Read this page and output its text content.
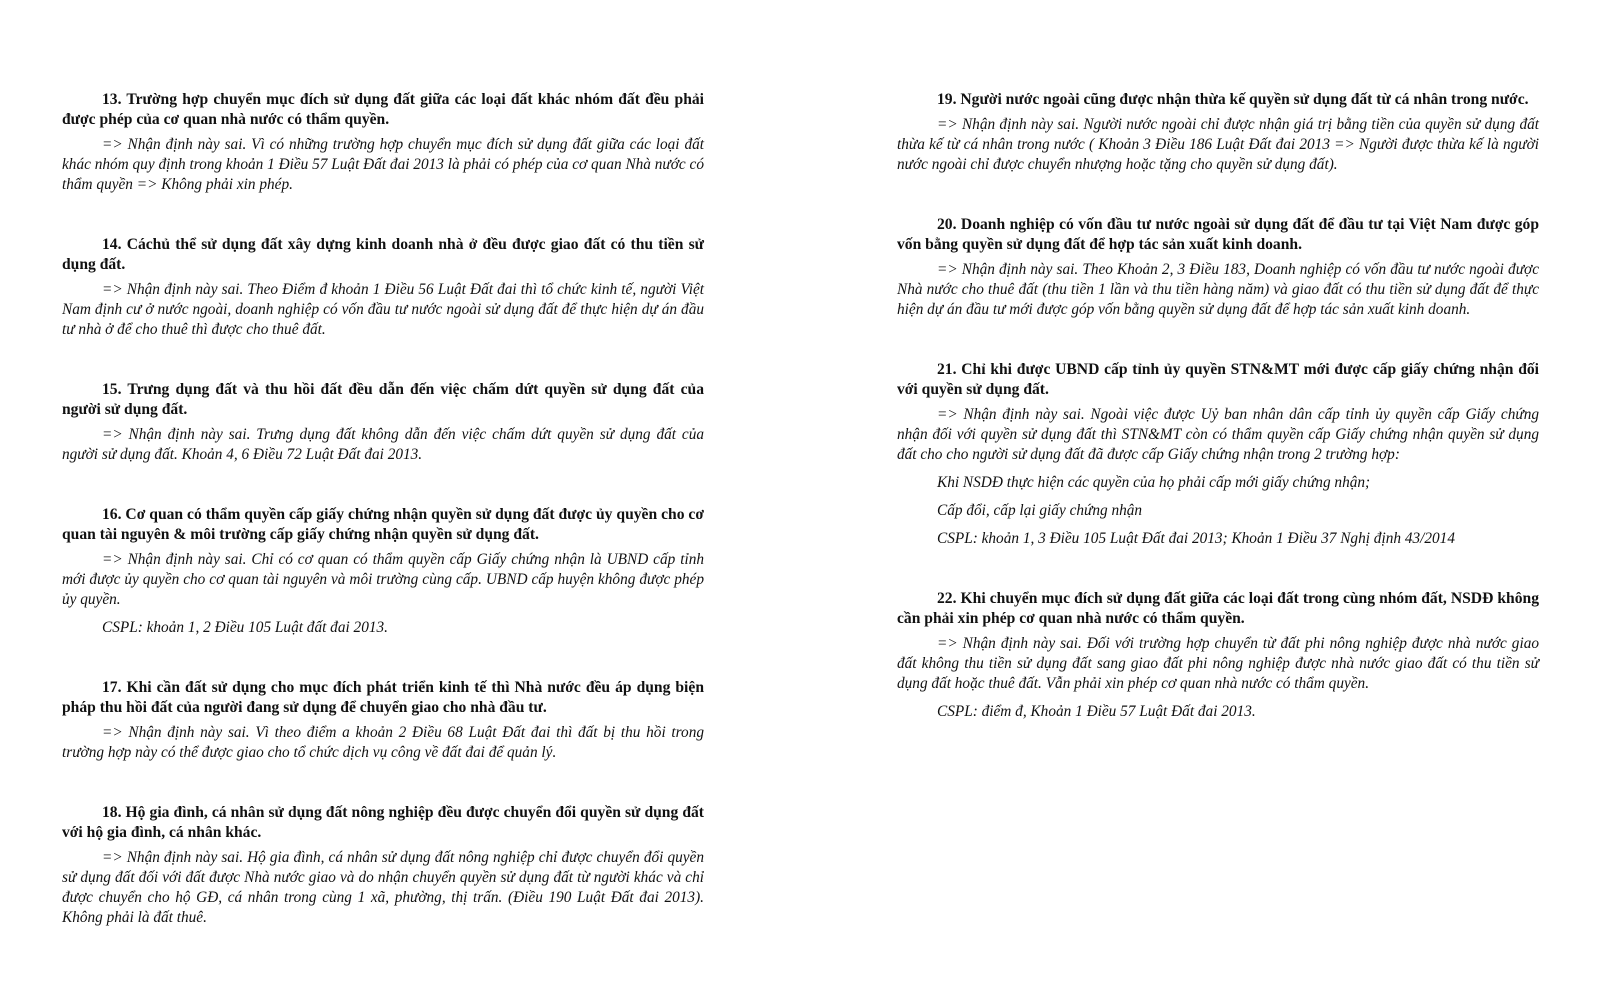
13. Trường hợp chuyển mục đích sử dụng đất giữa các loại đất khác nhóm đất đều phải được phép của cơ quan nhà nước có thẩm quyền.

=> Nhận định này sai. Vì có những trường hợp chuyển mục đích sử dụng đất giữa các loại đất khác nhóm quy định trong khoản 1 Điều 57 Luật Đất đai 2013 là phải có phép của cơ quan Nhà nước có thẩm quyền => Không phải xin phép.

14. Cáchủ thể sử dụng đất xây dựng kinh doanh nhà ở đều được giao đất có thu tiền sử dụng đất.

=> Nhận định này sai. Theo Điểm đ khoản 1 Điều 56 Luật Đất đai thì tổ chức kinh tế, người Việt Nam định cư ở nước ngoài, doanh nghiệp có vốn đầu tư nước ngoài sử dụng đất để thực hiện dự án đầu tư nhà ở để cho thuê thì được cho thuê đất.

15. Trưng dụng đất và thu hồi đất đều dẫn đến việc chấm dứt quyền sử dụng đất của người sử dụng đất.

=> Nhận định này sai. Trưng dụng đất không dẫn đến việc chấm dứt quyền sử dụng đất của người sử dụng đất. Khoản 4, 6 Điều 72 Luật Đất đai 2013.

16. Cơ quan có thẩm quyền cấp giấy chứng nhận quyền sử dụng đất được ủy quyền cho cơ quan tài nguyên & môi trường cấp giấy chứng nhận quyền sử dụng đất.

=> Nhận định này sai. Chỉ có cơ quan có thẩm quyền cấp Giấy chứng nhận là UBND cấp tỉnh mới được ủy quyền cho cơ quan tài nguyên và môi trường cùng cấp. UBND cấp huyện không được phép ủy quyền.

CSPL: khoản 1, 2 Điều 105 Luật đất đai 2013.

17. Khi cần đất sử dụng cho mục đích phát triển kinh tế thì Nhà nước đều áp dụng biện pháp thu hồi đất của người đang sử dụng để chuyển giao cho nhà đầu tư.

=> Nhận định này sai. Vì theo điểm a khoản 2 Điều 68 Luật Đất đai thì đất bị thu hồi trong trường hợp này có thể được giao cho tổ chức dịch vụ công về đất đai để quản lý.

18. Hộ gia đình, cá nhân sử dụng đất nông nghiệp đều được chuyển đổi quyền sử dụng đất với hộ gia đình, cá nhân khác.

=> Nhận định này sai. Hộ gia đình, cá nhân sử dụng đất nông nghiệp chỉ được chuyển đổi quyền sử dụng đất đối với đất được Nhà nước giao và do nhận chuyển quyền sử dụng đất từ người khác và chỉ được chuyển cho hộ GĐ, cá nhân trong cùng 1 xã, phường, thị trấn. (Điều 190 Luật Đất đai 2013). Không phải là đất thuê.

19. Người nước ngoài cũng được nhận thừa kế quyền sử dụng đất từ cá nhân trong nước.

=> Nhận định này sai. Người nước ngoài chỉ được nhận giá trị bằng tiền của quyền sử dụng đất thừa kế từ cá nhân trong nước ( Khoản 3 Điều 186 Luật Đất đai 2013 => Người được thừa kế là người nước ngoài chỉ được chuyển nhượng hoặc tặng cho quyền sử dụng đất).

20. Doanh nghiệp có vốn đầu tư nước ngoài sử dụng đất để đầu tư tại Việt Nam được góp vốn bằng quyền sử dụng đất để hợp tác sản xuất kinh doanh.

=> Nhận định này sai. Theo Khoản 2, 3 Điều 183, Doanh nghiệp có vốn đầu tư nước ngoài được Nhà nước cho thuê đất (thu tiền 1 lần và thu tiền hàng năm) và giao đất có thu tiền sử dụng đất để thực hiện dự án đầu tư mới được góp vốn bằng quyền sử dụng đất để hợp tác sản xuất kinh doanh.

21. Chỉ khi được UBND cấp tỉnh ủy quyền STN&MT mới được cấp giấy chứng nhận đối với quyền sử dụng đất.

=> Nhận định này sai. Ngoài việc được Uỷ ban nhân dân cấp tỉnh ủy quyền cấp Giấy chứng nhận đối với quyền sử dụng đất thì STN&MT còn có thẩm quyền cấp Giấy chứng nhận quyền sử dụng đất cho cho người sử dụng đất đã được cấp Giấy chứng nhận trong 2 trường hợp:

Khi NSDĐ thực hiện các quyền của họ phải cấp mới giấy chứng nhận;

Cấp đổi, cấp lại giấy chứng nhận

CSPL: khoản 1, 3 Điều 105 Luật Đất đai 2013; Khoản 1 Điều 37 Nghị định 43/2014

22. Khi chuyển mục đích sử dụng đất giữa các loại đất trong cùng nhóm đất, NSDĐ không cần phải xin phép cơ quan nhà nước có thẩm quyền.

=> Nhận định này sai. Đối với trường hợp chuyển từ đất phi nông nghiệp được nhà nước giao đất không thu tiền sử dụng đất sang giao đất phi nông nghiệp được nhà nước giao đất có thu tiền sử dụng đất hoặc thuê đất. Vẫn phải xin phép cơ quan nhà nước có thẩm quyền.

CSPL: điểm đ, Khoản 1 Điều 57 Luật Đất đai 2013.
